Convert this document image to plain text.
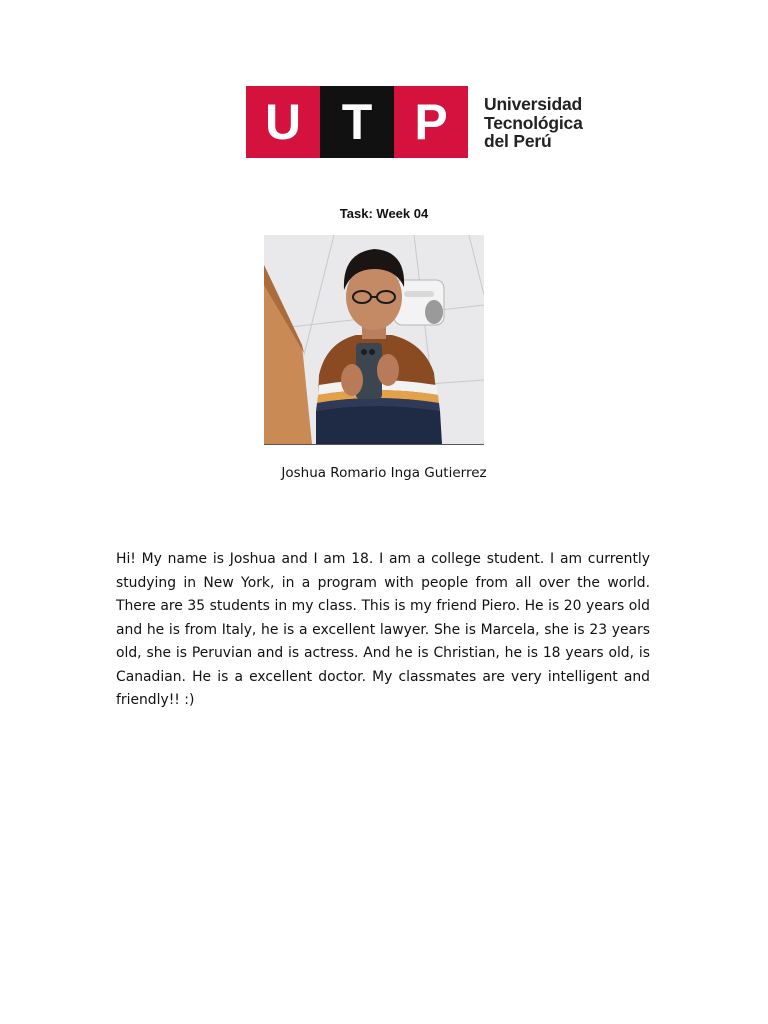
U T P	Universidad
Tecnológica
del Perú
Task: Week 04
Joshua Romario Inga Gutierrez

Hi! My name is Joshua and I am 18. I am a college student. I am currently studying in New York, in a program with people from all over the world. There are 35 students in my class. This is my friend Piero. He is 20 years old and he is from Italy, he is a excellent lawyer. She is Marcela, she is 23 years old, she is Peruvian and is actress. And he is Christian, he is 18 years old, is Canadian. He is a excellent doctor. My classmates are very intelligent and friendly!! :)
